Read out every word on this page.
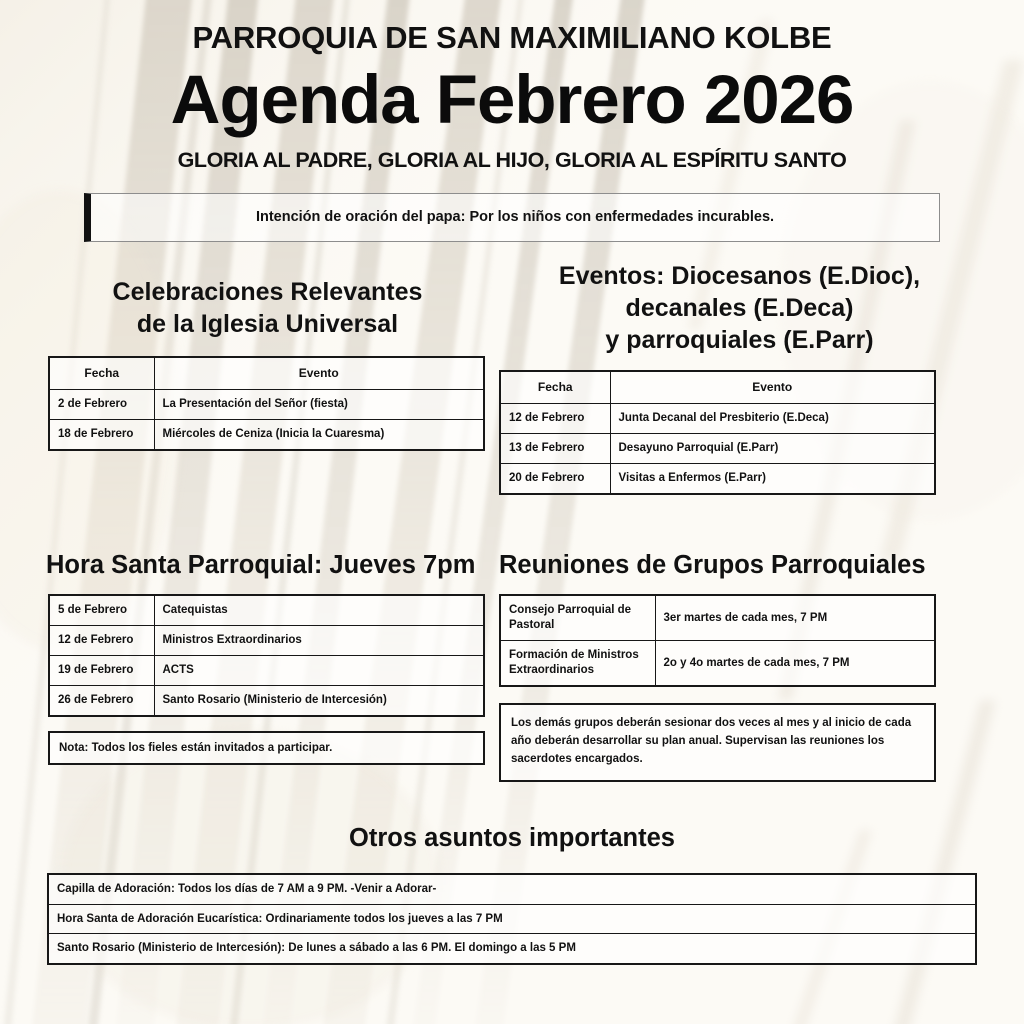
PARROQUIA DE SAN MAXIMILIANO KOLBE
Agenda Febrero 2026
GLORIA AL PADRE, GLORIA AL HIJO, GLORIA AL ESPÍRITU SANTO
Intención de oración del papa: Por los niños con enfermedades incurables.
Celebraciones Relevantes
de la Iglesia Universal
Fecha	Evento
2 de Febrero	La Presentación del Señor (fiesta)
18 de Febrero	Miércoles de Ceniza (Inicia la Cuaresma)
Eventos: Diocesanos (E.Dioc),
decanales (E.Deca)
y parroquiales (E.Parr)
Fecha	Evento
12 de Febrero	Junta Decanal del Presbiterio (E.Deca)
13 de Febrero	Desayuno Parroquial (E.Parr)
20 de Febrero	Visitas a Enfermos (E.Parr)
Hora Santa Parroquial: Jueves 7pm
5 de Febrero	Catequistas
12 de Febrero	Ministros Extraordinarios
19 de Febrero	ACTS
26 de Febrero	Santo Rosario (Ministerio de Intercesión)
Nota: Todos los fieles están invitados a participar.
Reuniones de Grupos Parroquiales
Consejo Parroquial de Pastoral	3er martes de cada mes, 7 PM
Formación de Ministros Extraordinarios	2o y 4o martes de cada mes, 7 PM
Los demás grupos deberán sesionar dos veces al mes y al inicio de cada año deberán desarrollar su plan anual. Supervisan las reuniones los sacerdotes encargados.
Otros asuntos importantes
Capilla de Adoración: Todos los días de 7 AM a 9 PM. -Venir a Adorar-
Hora Santa de Adoración Eucarística: Ordinariamente todos los jueves a las 7 PM
Santo Rosario (Ministerio de Intercesión): De lunes a sábado a las 6 PM. El domingo a las 5 PM
